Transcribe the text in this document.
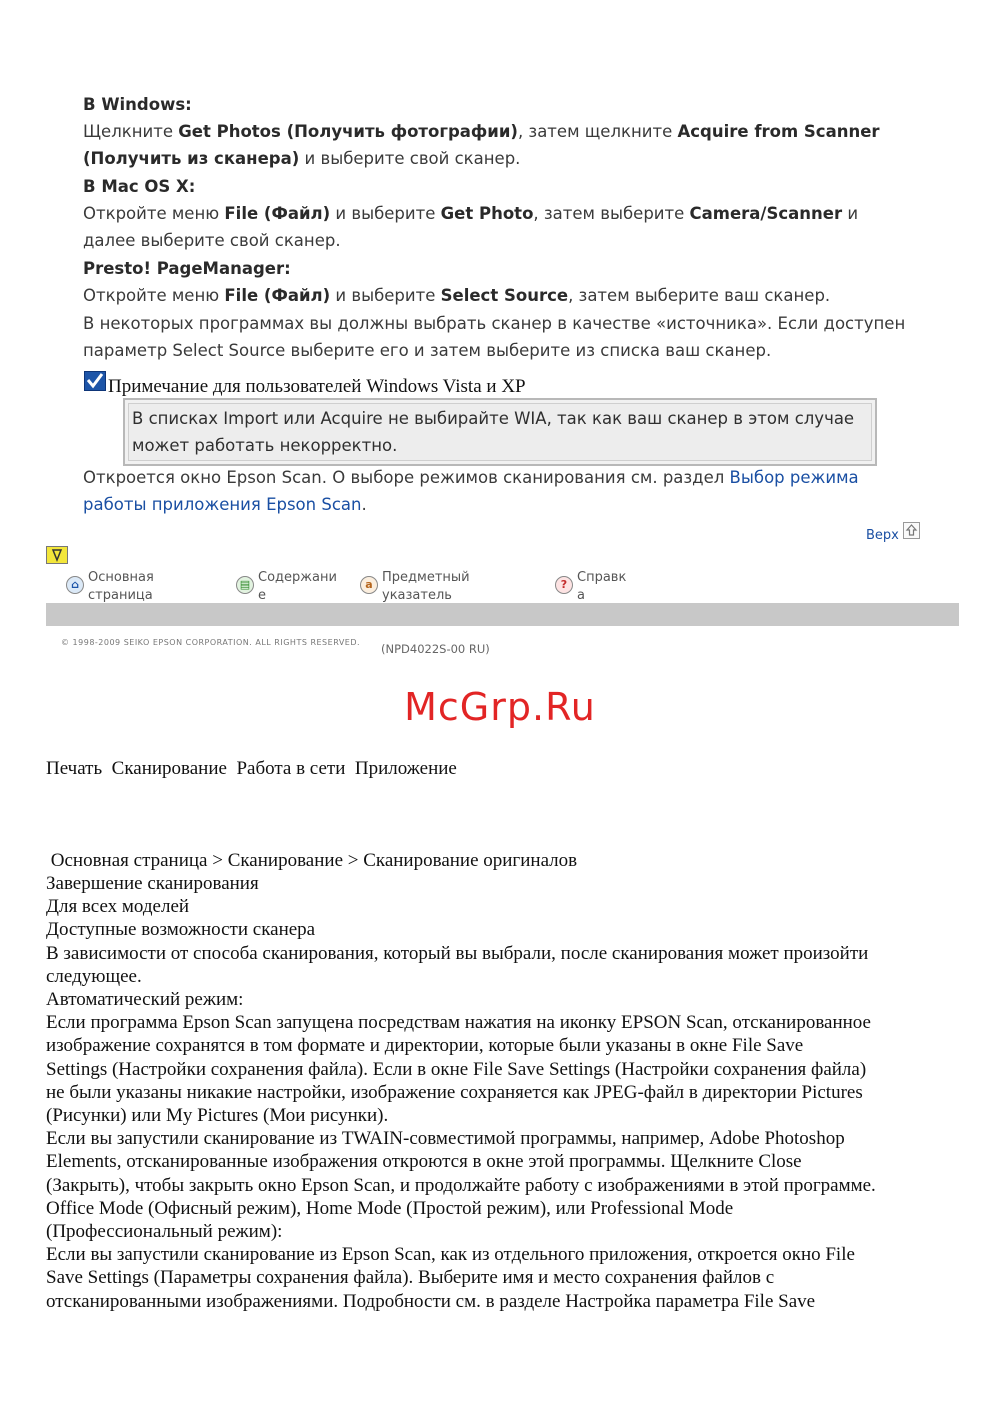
В Windows:
Щелкните Get Photos (Получить фотографии), затем щелкните Acquire from Scanner
(Получить из сканера) и выберите свой сканер.
В Mac OS X:
Откройте меню File (Файл) и выберите Get Photo, затем выберите Camera/Scanner и
далее выберите свой сканер.
Presto! PageManager:
Откройте меню File (Файл) и выберите Select Source, затем выберите ваш сканер.
В некоторых программах вы должны выбрать сканер в качестве «источника». Если доступен
параметр Select Source выберите его и затем выберите из списка ваш сканер.
Примечание для пользователей Windows Vista и XP
В списках Import или Acquire не выбирайте WIA, так как ваш сканер в этом случае
может работать некорректно.
Откроется окно Epson Scan. О выборе режимов сканирования см. раздел Выбор режима
работы приложения Epson Scan.
Верх
⌂ Основная
страница
▤ Содержани
е
a Предметный
указатель
? Справк
а
© 1998-2009 SEIKO EPSON CORPORATION. ALL RIGHTS RESERVED. (NPD4022S-00 RU)
McGrp.Ru
Печать  Сканирование  Работа в сети  Приложение
Основная страница > Сканирование > Сканирование оригиналов
Завершение сканирования
Для всех моделей
Доступные возможности сканера
В зависимости от способа сканирования, который вы выбрали, после сканирования может произойти
следующее.
Автоматический режим:
Если программа Epson Scan запущена посредствам нажатия на иконку EPSON Scan, отсканированное
изображение сохранятся в том формате и директории, которые были указаны в окне File Save
Settings (Настройки сохранения файла). Если в окне File Save Settings (Настройки сохранения файла)
не были указаны никакие настройки, изображение сохраняется как JPEG-файл в директории Pictures
(Рисунки) или My Pictures (Мои рисунки).
Если вы запустили сканирование из TWAIN-совместимой программы, например, Adobe Photoshop
Elements, отсканированные изображения откроются в окне этой программы. Щелкните Close
(Закрыть), чтобы закрыть окно Epson Scan, и продолжайте работу с изображениями в этой программе.
Office Mode (Офисный режим), Home Mode (Простой режим), или Professional Mode
(Профессиональный режим):
Если вы запустили сканирование из Epson Scan, как из отдельного приложения, откроется окно File
Save Settings (Параметры сохранения файла). Выберите имя и место сохранения файлов с
отсканированными изображениями. Подробности см. в разделе Настройка параметра File Save
